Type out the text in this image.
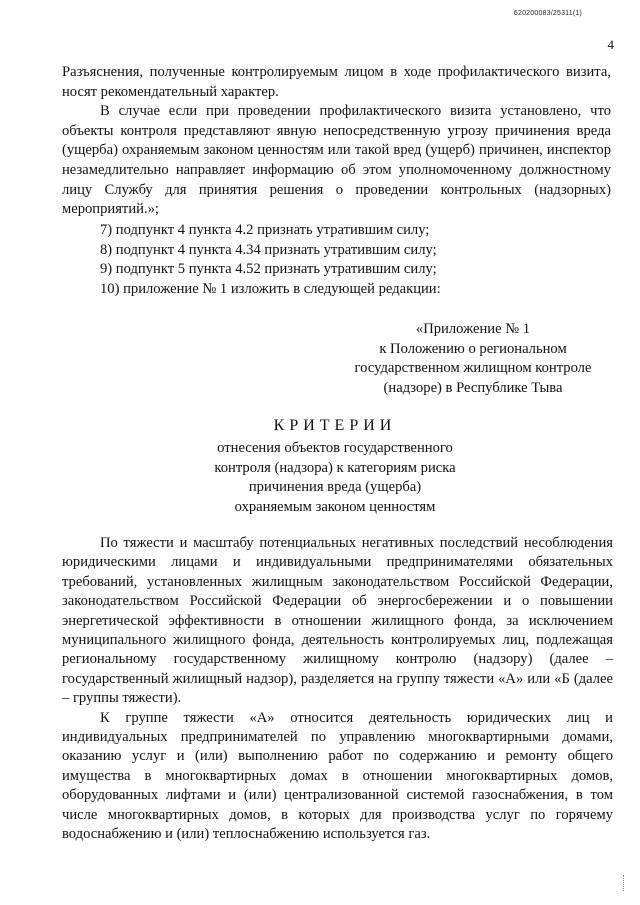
620200083/25311(1)
4

Разъяснения, полученные контролируемым лицом в ходе профилактического визита, носят рекомендательный характер.

В случае если при проведении профилактического визита установлено, что объекты контроля представляют явную непосредственную угрозу причинения вреда (ущерба) охраняемым законом ценностям или такой вред (ущерб) причинен, инспектор незамедлительно направляет информацию об этом уполномоченному должностному лицу Службу для принятия решения о проведении контрольных (надзорных) мероприятий.»;

7) подпункт 4 пункта 4.2 признать утратившим силу;
8) подпункт 4 пункта 4.34 признать утратившим силу;
9) подпункт 5 пункта 4.52 признать утратившим силу;
10) приложение № 1 изложить в следующей редакции:
«Приложение № 1
к Положению о региональном
государственном жилищном контроле
(надзоре) в Республике Тыва
КРИТЕРИИ
отнесения объектов государственного
контроля (надзора) к категориям риска
причинения вреда (ущерба)
охраняемым законом ценностям

По тяжести и масштабу потенциальных негативных последствий несоблюдения юридическими лицами и индивидуальными предпринимателями обязательных требований, установленных жилищным законодательством Российской Федерации, законодательством Российской Федерации об энергосбережении и о повышении энергетической эффективности в отношении жилищного фонда, за исключением муниципального жилищного фонда, деятельность контролируемых лиц, подлежащая региональному государственному жилищному контролю (надзору) (далее – государственный жилищный надзор), разделяется на группу тяжести «А» или «Б (далее – группы тяжести).

К группе тяжести «А» относится деятельность юридических лиц и индивидуальных предпринимателей по управлению многоквартирными домами, оказанию услуг и (или) выполнению работ по содержанию и ремонту общего имущества в многоквартирных домах в отношении многоквартирных домов, оборудованных лифтами и (или) централизованной системой газоснабжения, в том числе многоквартирных домов, в которых для производства услуг по горячему водоснабжению и (или) теплоснабжению используется газ.
